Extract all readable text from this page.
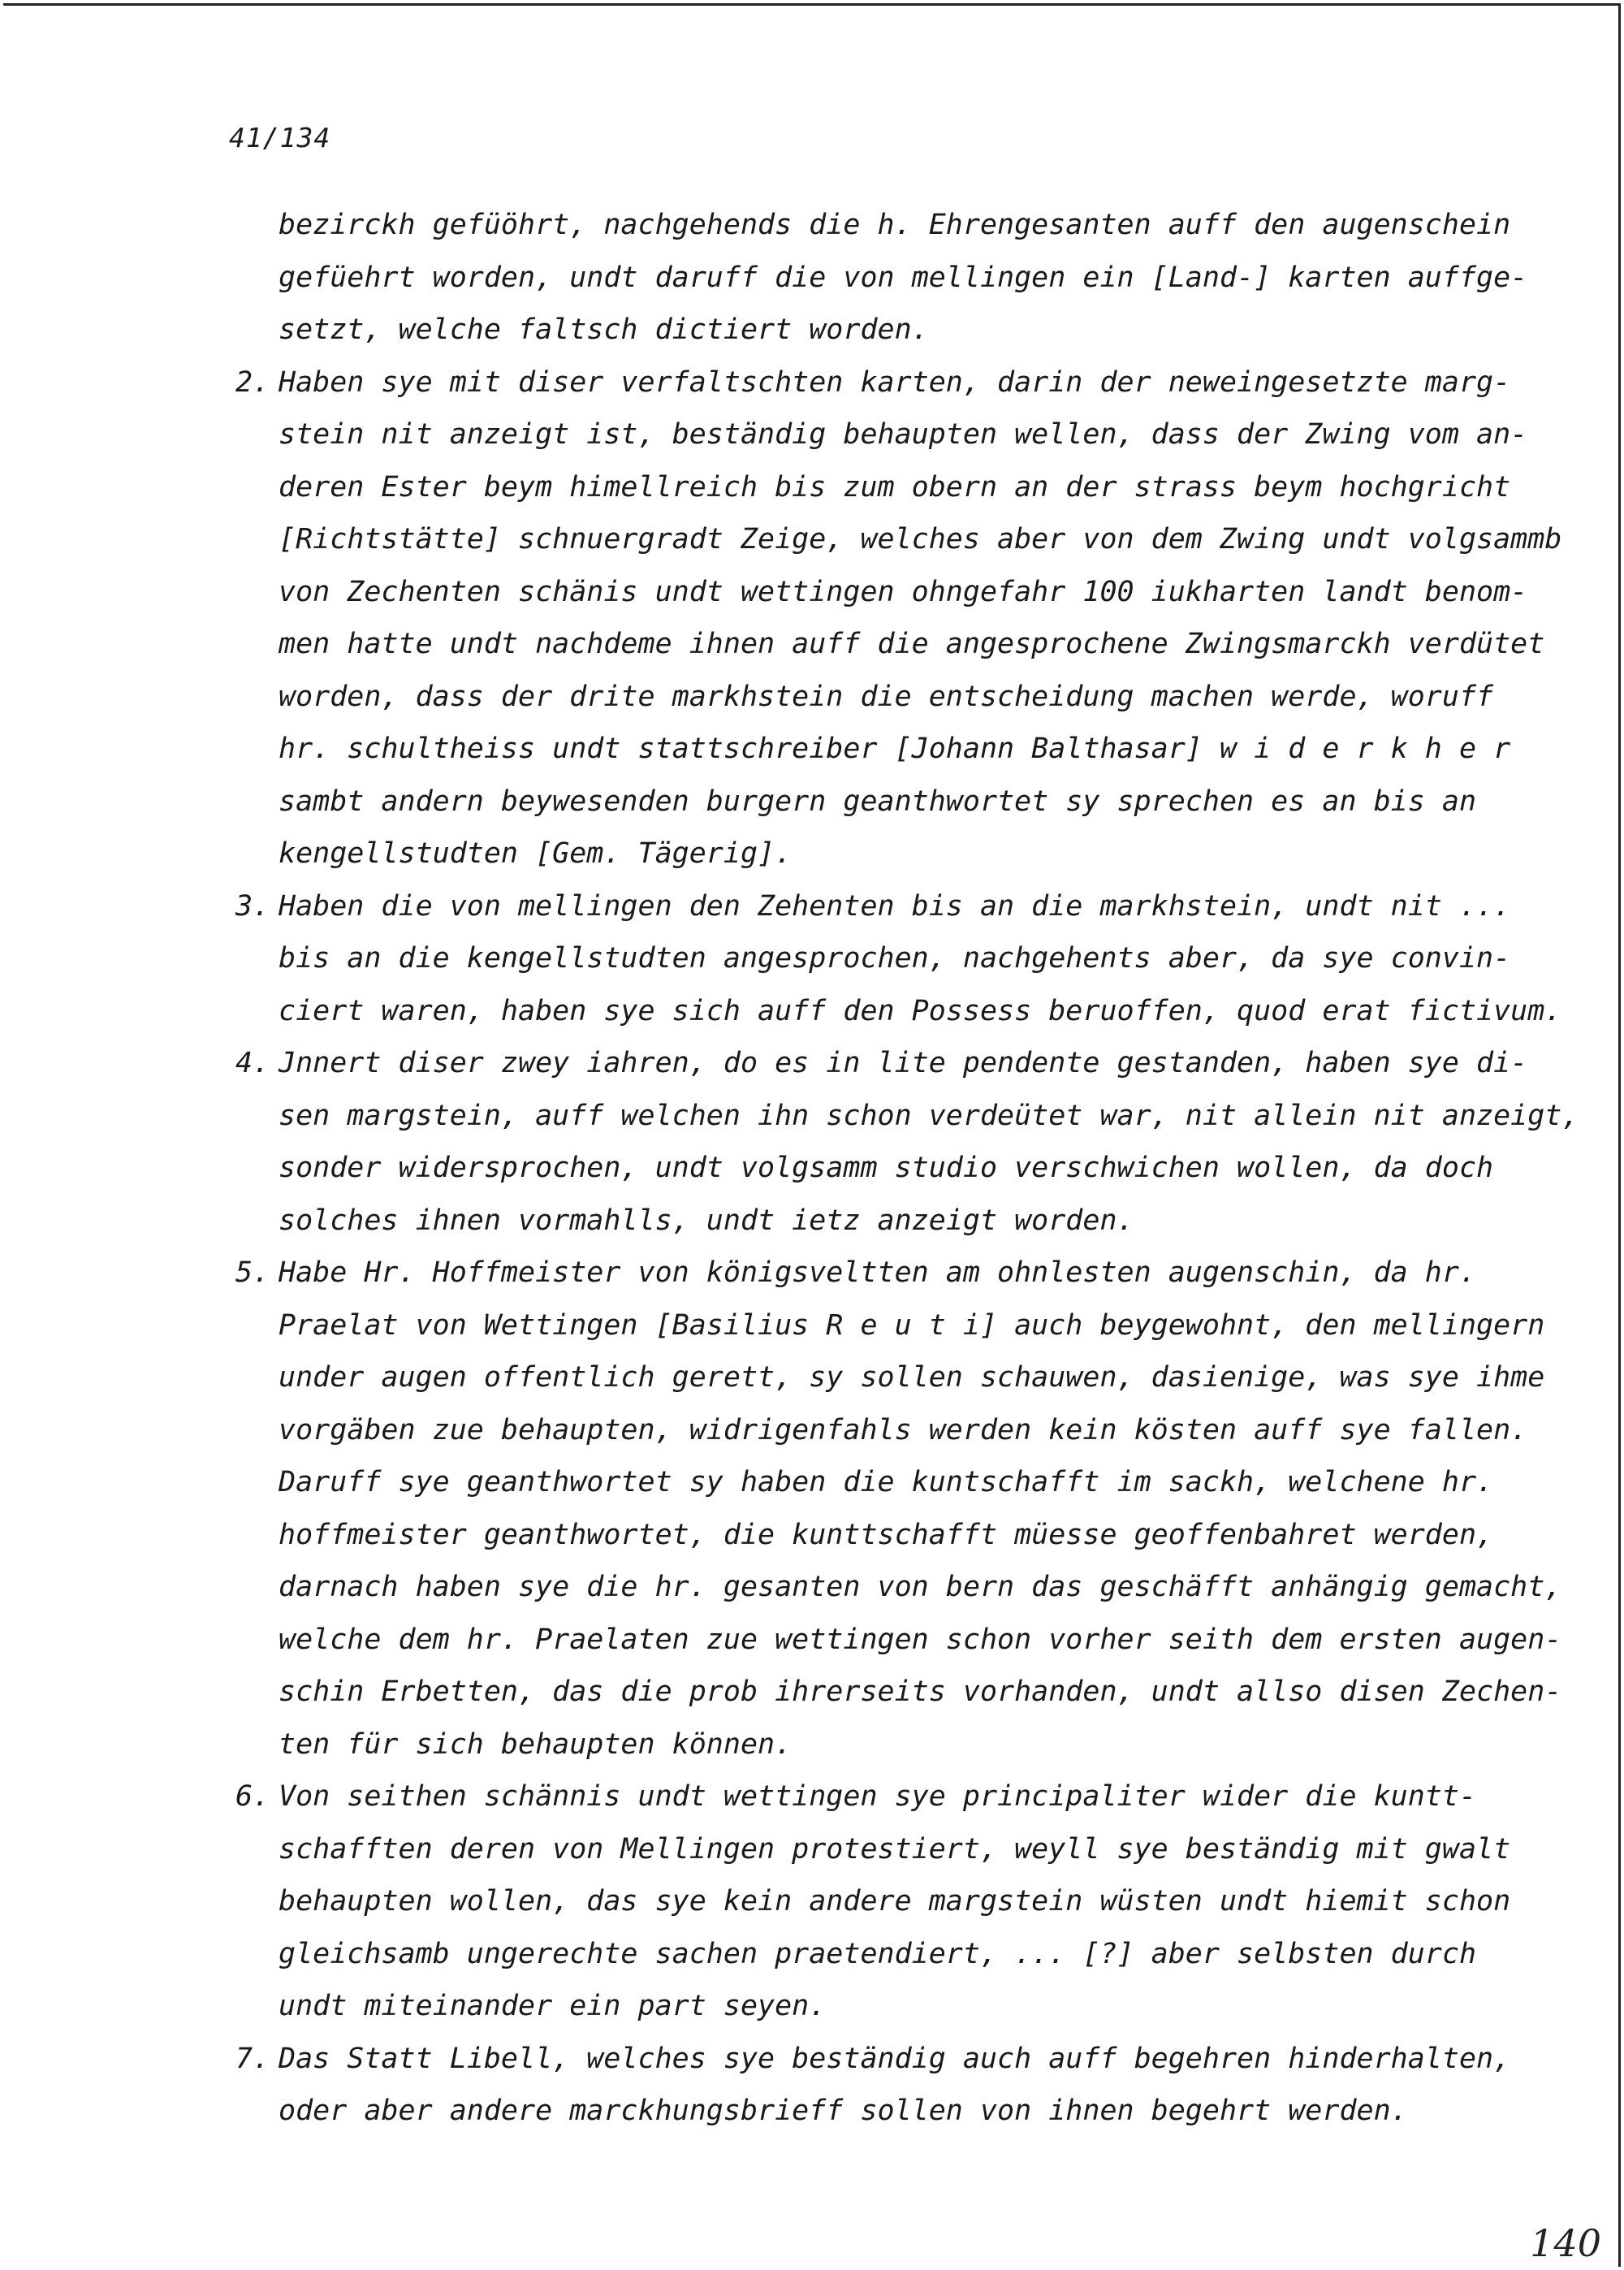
41/134
bezirckh gefüöhrt, nachgehends die h. Ehrengesanten auff den augenschein
gefüehrt worden, undt daruff die von mellingen ein [Land-] karten auffge-
setzt, welche faltsch dictiert worden.
2. Haben sye mit diser verfaltschten karten, darin der neweingesetzte marg-
stein nit anzeigt ist, beständig behaupten wellen, dass der Zwing vom an-
deren Ester beym himellreich bis zum obern an der strass beym hochgricht
[Richtstätte] schnuergradt Zeige, welches aber von dem Zwing undt volgsammb
von Zechenten schänis undt wettingen ohngefahr 100 iukharten landt benom-
men hatte undt nachdeme ihnen auff die angesprochene Zwingsmarckh verdütet
worden, dass der drite markhstein die entscheidung machen werde, woruff
hr. schultheiss undt stattschreiber [Johann Balthasar] w i d e r k h e r
sambt andern beywesenden burgern geanthwortet sy sprechen es an bis an
kengellstudten [Gem. Tägerig].
3. Haben die von mellingen den Zehenten bis an die markhstein, undt nit ...
bis an die kengellstudten angesprochen, nachgehents aber, da sye convin-
ciert waren, haben sye sich auff den Possess beruoffen, quod erat fictivum.
4. Jnnert diser zwey iahren, do es in lite pendente gestanden, haben sye di-
sen margstein, auff welchen ihn schon verdeütet war, nit allein nit anzeigt,
sonder widersprochen, undt volgsamm studio verschwichen wollen, da doch
solches ihnen vormahlls, undt ietz anzeigt worden.
5. Habe Hr. Hoffmeister von königsveltten am ohnlesten augenschin, da hr.
Praelat von Wettingen [Basilius R e u t i] auch beygewohnt, den mellingern
under augen offentlich gerett, sy sollen schauwen, dasienige, was sye ihme
vorgäben zue behaupten, widrigenfahls werden kein kösten auff sye fallen.
Daruff sye geanthwortet sy haben die kuntschafft im sackh, welchene hr.
hoffmeister geanthwortet, die kunttschafft müesse geoffenbahret werden,
darnach haben sye die hr. gesanten von bern das geschäfft anhängig gemacht,
welche dem hr. Praelaten zue wettingen schon vorher seith dem ersten augen-
schin Erbetten, das die prob ihrerseits vorhanden, undt allso disen Zechen-
ten für sich behaupten können.
6. Von seithen schännis undt wettingen sye principaliter wider die kuntt-
schafften deren von Mellingen protestiert, weyll sye beständig mit gwalt
behaupten wollen, das sye kein andere margstein wüsten undt hiemit schon
gleichsamb ungerechte sachen praetendiert, ... [?] aber selbsten durch
undt miteinander ein part seyen.
7. Das Statt Libell, welches sye beständig auch auff begehren hinderhalten,
oder aber andere marckhungsbrieff sollen von ihnen begehrt werden.
140
